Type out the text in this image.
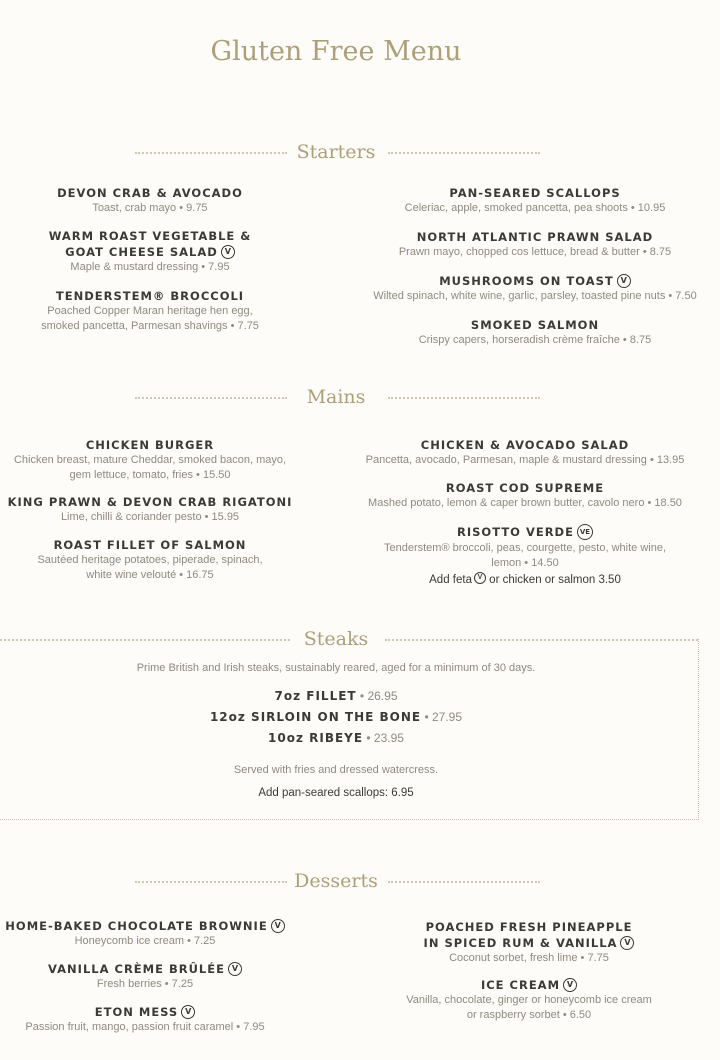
Gluten Free Menu
Starters
DEVON CRAB & AVOCADO
Toast, crab mayo • 9.75
WARM ROAST VEGETABLE &
GOAT CHEESE SALAD V
Maple & mustard dressing • 7.95
TENDERSTEM® BROCCOLI
Poached Copper Maran heritage hen egg,
smoked pancetta, Parmesan shavings • 7.75
PAN-SEARED SCALLOPS
Celeriac, apple, smoked pancetta, pea shoots • 10.95
NORTH ATLANTIC PRAWN SALAD
Prawn mayo, chopped cos lettuce, bread & butter • 8.75
MUSHROOMS ON TOAST V
Wilted spinach, white wine, garlic, parsley, toasted pine nuts • 7.50
SMOKED SALMON
Crispy capers, horseradish crème fraîche • 8.75
Mains
CHICKEN BURGER
Chicken breast, mature Cheddar, smoked bacon, mayo,
gem lettuce, tomato, fries • 15.50
KING PRAWN & DEVON CRAB RIGATONI
Lime, chilli & coriander pesto • 15.95
ROAST FILLET OF SALMON
Sautéed heritage potatoes, piperade, spinach,
white wine velouté • 16.75
CHICKEN & AVOCADO SALAD
Pancetta, avocado, Parmesan, maple & mustard dressing • 13.95
ROAST COD SUPREME
Mashed potato, lemon & caper brown butter, cavolo nero • 18.50
RISOTTO VERDE VE
Tenderstem® broccoli, peas, courgette, pesto, white wine,
lemon • 14.50
Add feta V or chicken or salmon 3.50
Steaks
Prime British and Irish steaks, sustainably reared, aged for a minimum of 30 days.
7oz FILLET • 26.95
12oz SIRLOIN ON THE BONE • 27.95
10oz RIBEYE • 23.95
Served with fries and dressed watercress.
Add pan-seared scallops: 6.95
Desserts
HOME-BAKED CHOCOLATE BROWNIE V
Honeycomb ice cream • 7.25
VANILLA CRÈME BRÛLÉE V
Fresh berries • 7.25
ETON MESS V
Passion fruit, mango, passion fruit caramel • 7.95
POACHED FRESH PINEAPPLE
IN SPICED RUM & VANILLA V
Coconut sorbet, fresh lime • 7.75
ICE CREAM V
Vanilla, chocolate, ginger or honeycomb ice cream
or raspberry sorbet • 6.50
